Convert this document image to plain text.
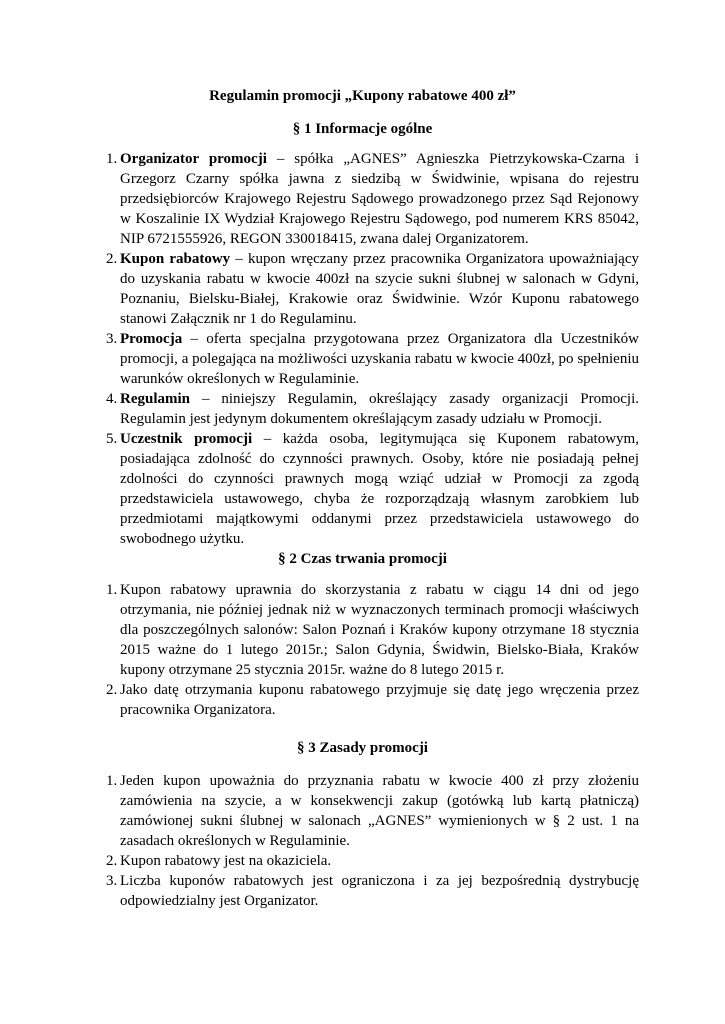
Regulamin promocji „Kupony rabatowe 400 zł”
§ 1 Informacje ogólne
1. Organizator promocji – spółka „AGNES” Agnieszka Pietrzykowska-Czarna i Grzegorz Czarny spółka jawna z siedzibą w Świdwinie, wpisana do rejestru przedsiębiorców Krajowego Rejestru Sądowego prowadzonego przez Sąd Rejonowy w Koszalinie IX Wydział Krajowego Rejestru Sądowego, pod numerem KRS 85042, NIP 6721555926, REGON 330018415, zwana dalej Organizatorem.
2. Kupon rabatowy – kupon wręczany przez pracownika Organizatora upoważniający do uzyskania rabatu w kwocie 400zł na szycie sukni ślubnej w salonach w Gdyni, Poznaniu, Bielsku-Białej, Krakowie oraz Świdwinie. Wzór Kuponu rabatowego stanowi Załącznik nr 1 do Regulaminu.
3. Promocja – oferta specjalna przygotowana przez Organizatora dla Uczestników promocji, a polegająca na możliwości uzyskania rabatu w kwocie 400zł, po spełnieniu warunków określonych w Regulaminie.
4. Regulamin – niniejszy Regulamin, określający zasady organizacji Promocji. Regulamin jest jedynym dokumentem określającym zasady udziału w Promocji.
5. Uczestnik promocji – każda osoba, legitymująca się Kuponem rabatowym, posiadająca zdolność do czynności prawnych. Osoby, które nie posiadają pełnej zdolności do czynności prawnych mogą wziąć udział w Promocji za zgodą przedstawiciela ustawowego, chyba że rozporządzają własnym zarobkiem lub przedmiotami majątkowymi oddanymi przez przedstawiciela ustawowego do swobodnego użytku.
§ 2 Czas trwania promocji
1. Kupon rabatowy uprawnia do skorzystania z rabatu w ciągu 14 dni od jego otrzymania, nie później jednak niż w wyznaczonych terminach promocji właściwych dla poszczególnych salonów: Salon Poznań i Kraków kupony otrzymane 18 stycznia 2015 ważne do 1 lutego 2015r.; Salon Gdynia, Świdwin, Bielsko-Biała, Kraków kupony otrzymane 25 stycznia 2015r. ważne do 8 lutego 2015 r.
2. Jako datę otrzymania kuponu rabatowego przyjmuje się datę jego wręczenia przez pracownika Organizatora.
§ 3 Zasady promocji
1. Jeden kupon upoważnia do przyznania rabatu w kwocie 400 zł przy złożeniu zamówienia na szycie, a w konsekwencji zakup (gotówką lub kartą płatniczą) zamówionej sukni ślubnej w salonach „AGNES” wymienionych w § 2 ust. 1 na zasadach określonych w Regulaminie.
2. Kupon rabatowy jest na okaziciela.
3. Liczba kuponów rabatowych jest ograniczona i za jej bezpośrednią dystrybucję odpowiedzialny jest Organizator.
